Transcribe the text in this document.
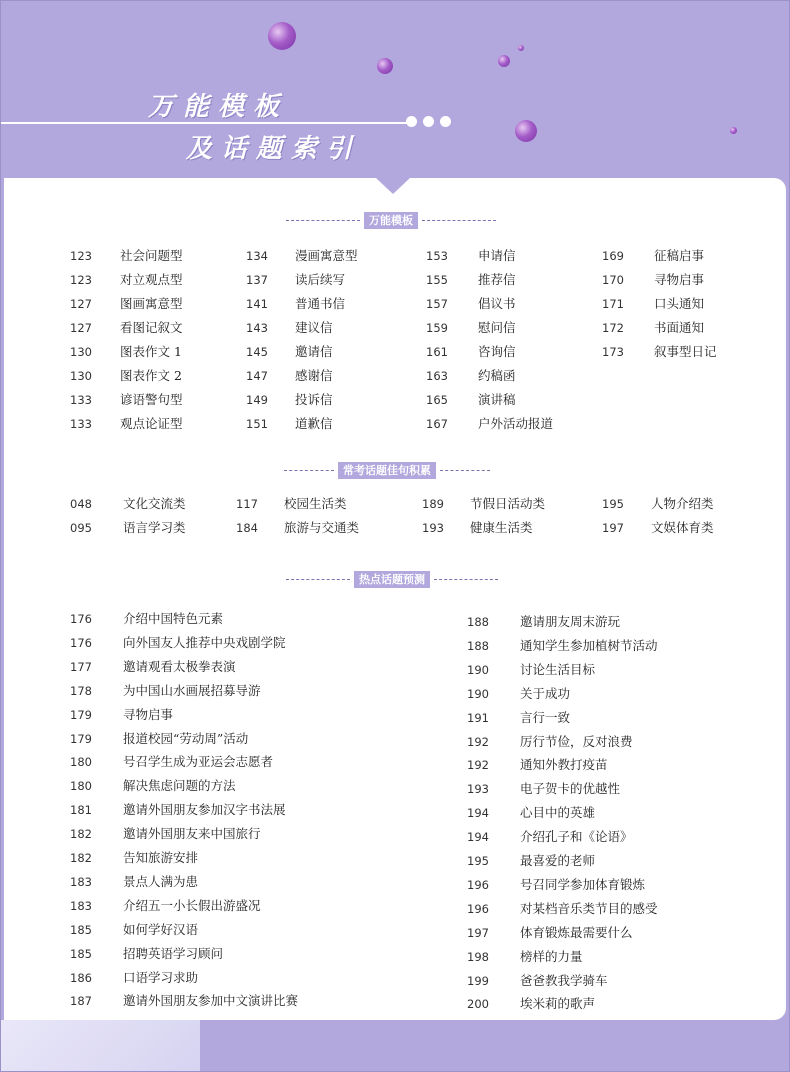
万能模板
及话题索引
万能模板
123 社会问题型
123 对立观点型
127 图画寓意型
127 看图记叙文
130 图表作文 1
130 图表作文 2
133 谚语警句型
133 观点论证型
134 漫画寓意型
137 读后续写
141 普通书信
143 建议信
145 邀请信
147 感谢信
149 投诉信
151 道歉信
153 申请信
155 推荐信
157 倡议书
159 慰问信
161 咨询信
163 约稿函
165 演讲稿
167 户外活动报道
169 征稿启事
170 寻物启事
171 口头通知
172 书面通知
173 叙事型日记
常考话题佳句积累
048 文化交流类
095 语言学习类
117 校园生活类
184 旅游与交通类
189 节假日活动类
193 健康生活类
195 人物介绍类
197 文娱体育类
热点话题预测
176 介绍中国特色元素
176 向外国友人推荐中央戏剧学院
177 邀请观看太极拳表演
178 为中国山水画展招募导游
179 寻物启事
179 报道校园“劳动周”活动
180 号召学生成为亚运会志愿者
180 解决焦虑问题的方法
181 邀请外国朋友参加汉字书法展
182 邀请外国朋友来中国旅行
182 告知旅游安排
183 景点人满为患
183 介绍五一小长假出游盛况
185 如何学好汉语
185 招聘英语学习顾问
186 口语学习求助
187 邀请外国朋友参加中文演讲比赛
188 邀请朋友周末游玩
188 通知学生参加植树节活动
190 讨论生活目标
190 关于成功
191 言行一致
192 厉行节俭，反对浪费
192 通知外教打疫苗
193 电子贺卡的优越性
194 心目中的英雄
194 介绍孔子和《论语》
195 最喜爱的老师
196 号召同学参加体育锻炼
196 对某档音乐类节目的感受
197 体育锻炼最需要什么
198 榜样的力量
199 爸爸教我学骑车
200 埃米莉的歌声
